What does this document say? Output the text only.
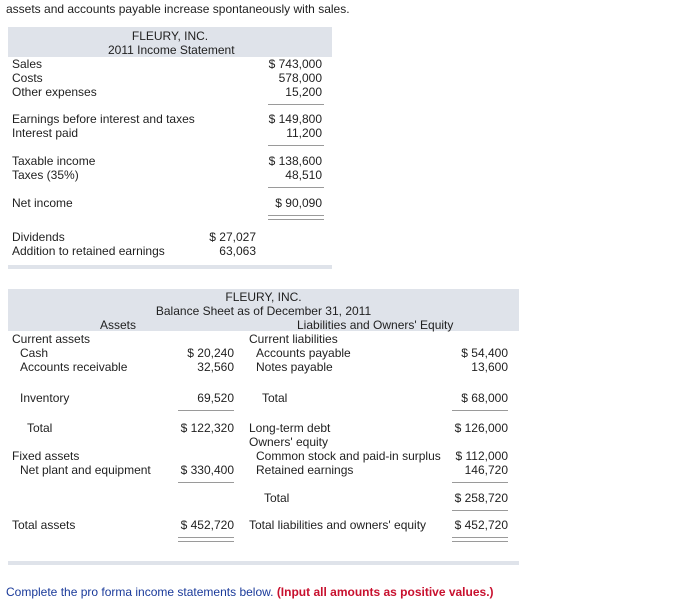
assets and accounts payable increase spontaneously with sales.
FLEURY, INC.
2011 Income Statement
Sales	$ 743,000
Costs	578,000
Other expenses	15,200
Earnings before interest and taxes	$ 149,800
Interest paid	11,200
Taxable income	$ 138,600
Taxes (35%)	48,510
Net income	$ 90,090
Dividends	$ 27,027
Addition to retained earnings	63,063
FLEURY, INC.
Balance Sheet as of December 31, 2011
Assets	Liabilities and Owners' Equity
Current assets
Cash	$ 20,240
Accounts receivable	32,560
Inventory	69,520
Total	$ 122,320
Fixed assets
Net plant and equipment	$ 330,400
Total assets	$ 452,720
Current liabilities
Accounts payable	$ 54,400
Notes payable	13,600
Total	$ 68,000
Long-term debt	$ 126,000
Owners' equity
Common stock and paid-in surplus	$ 112,000
Retained earnings	146,720
Total	$ 258,720
Total liabilities and owners' equity	$ 452,720
Complete the pro forma income statements below. (Input all amounts as positive values.)
